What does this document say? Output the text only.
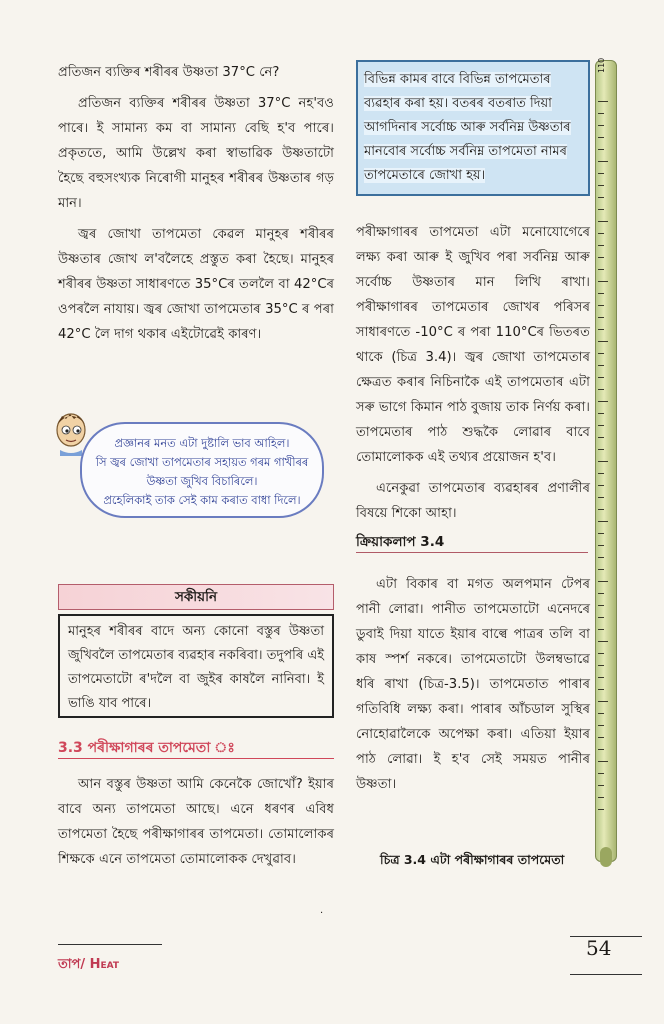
প্ৰতিজন ব্যক্তিৰ শৰীৰৰ উষ্ণতা 37°C নে?

প্ৰতিজন ব্যক্তিৰ শৰীৰৰ উষ্ণতা 37°C নহ'বও পাৰে। ই সামান্য কম বা সামান্য বেছি হ'ব পাৰে। প্ৰকৃততে, আমি উল্লেখ কৰা স্বাভাৱিক উষ্ণতাটো হৈছে বহুসংখ্যক নিৰোগী মানুহৰ শৰীৰৰ উষ্ণতাৰ গড় মান।

জ্বৰ জোখা তাপমেতা কেৱল মানুহৰ শৰীৰৰ উষ্ণতাৰ জোখ ল'বলৈহে প্ৰস্তুত কৰা হৈছে। মানুহৰ শৰীৰৰ উষ্ণতা সাধাৰণতে 35°Cৰ তললৈ বা 42°Cৰ ওপৰলৈ নাযায়। জ্বৰ জোখা তাপমেতাৰ 35°C ৰ পৰা 42°C লৈ দাগ থকাৰ এইটোৱেই কাৰণ।

প্ৰজ্ঞানৰ মনত এটা দুষ্টালি ভাব আহিল।
সি জ্বৰ জোখা তাপমেতাৰ সহায়ত গৰম গাখীৰৰ উষ্ণতা জুখিব বিচাৰিলে।
প্ৰহেলিকাই তাক সেই কাম কৰাত বাধা দিলে।
সকীয়নি
মানুহৰ শৰীৰৰ বাদে অন্য কোনো বস্তুৰ উষ্ণতা জুখিবলৈ তাপমেতাৰ ব্যৱহাৰ নকৰিবা। তদুপৰি এই তাপমেতাটো ৰ'দলৈ বা জুইৰ কাষলৈ নানিবা। ই ভাঙি যাব পাৰে।
3.3 পৰীক্ষাগাৰৰ তাপমেতা ঃ

আন বস্তুৰ উষ্ণতা আমি কেনেকৈ জোখোঁ? ইয়াৰ বাবে অন্য তাপমেতা আছে। এনে ধৰণৰ এবিধ তাপমেতা হৈছে পৰীক্ষাগাৰৰ তাপমেতা। তোমালোকৰ শিক্ষকে এনে তাপমেতা তোমালোকক দেখুৱাব।

বিভিন্ন কামৰ বাবে বিভিন্ন তাপমেতাৰ ব্যৱহাৰ কৰা হয়। বতৰৰ বতৰাত দিয়া আগদিনাৰ সৰ্বোচ্চ আৰু সৰ্বনিম্ন উষ্ণতাৰ মানবোৰ সৰ্বোচ্চ সৰ্বনিম্ন তাপমেতা নামৰ তাপমেতাৰে জোখা হয়।

পৰীক্ষাগাৰৰ তাপমেতা এটা মনোযোগেৰে লক্ষ্য কৰা আৰু ই জুখিব পৰা সৰ্বনিম্ন আৰু সৰ্বোচ্চ উষ্ণতাৰ মান লিখি ৰাখা। পৰীক্ষাগাৰৰ তাপমেতাৰ জোখৰ পৰিসৰ সাধাৰণতে -10°C ৰ পৰা 110°Cৰ ভিতৰত থাকে (চিত্ৰ 3.4)। জ্বৰ জোখা তাপমেতাৰ ক্ষেত্ৰত কৰাৰ নিচিনাকৈ এই তাপমেতাৰ এটা সৰু ভাগে কিমান পাঠ বুজায় তাক নিৰ্ণয় কৰা। তাপমেতাৰ পাঠ শুদ্ধকৈ লোৱাৰ বাবে তোমালোকক এই তথ্যৰ প্ৰয়োজন হ'ব।

এনেকুৱা তাপমেতাৰ ব্যৱহাৰৰ প্ৰণালীৰ বিষয়ে শিকো আহা।

ক্ৰিয়াকলাপ 3.4

এটা বিকাৰ বা মগত অলপমান টেপৰ পানী লোৱা। পানীত তাপমেতাটো এনেদৰে ডুবাই দিয়া যাতে ইয়াৰ বাল্বে পাত্ৰৰ তলি বা কাষ স্পৰ্শ নকৰে। তাপমেতাটো উলম্বভাৱে ধৰি ৰাখা (চিত্ৰ-3.5)। তাপমেতাত পাৰাৰ গতিবিধি লক্ষ্য কৰা। পাৰাৰ আঁচডাল সুস্থিৰ নোহোৱালৈকে অপেক্ষা কৰা। এতিয়া ইয়াৰ পাঠ লোৱা। ই হ'ব সেই সময়ত পানীৰ উষ্ণতা।

110
চিত্ৰ 3.4 এটা পৰীক্ষাগাৰৰ তাপমেতা
তাপ/ Heat
54
.
